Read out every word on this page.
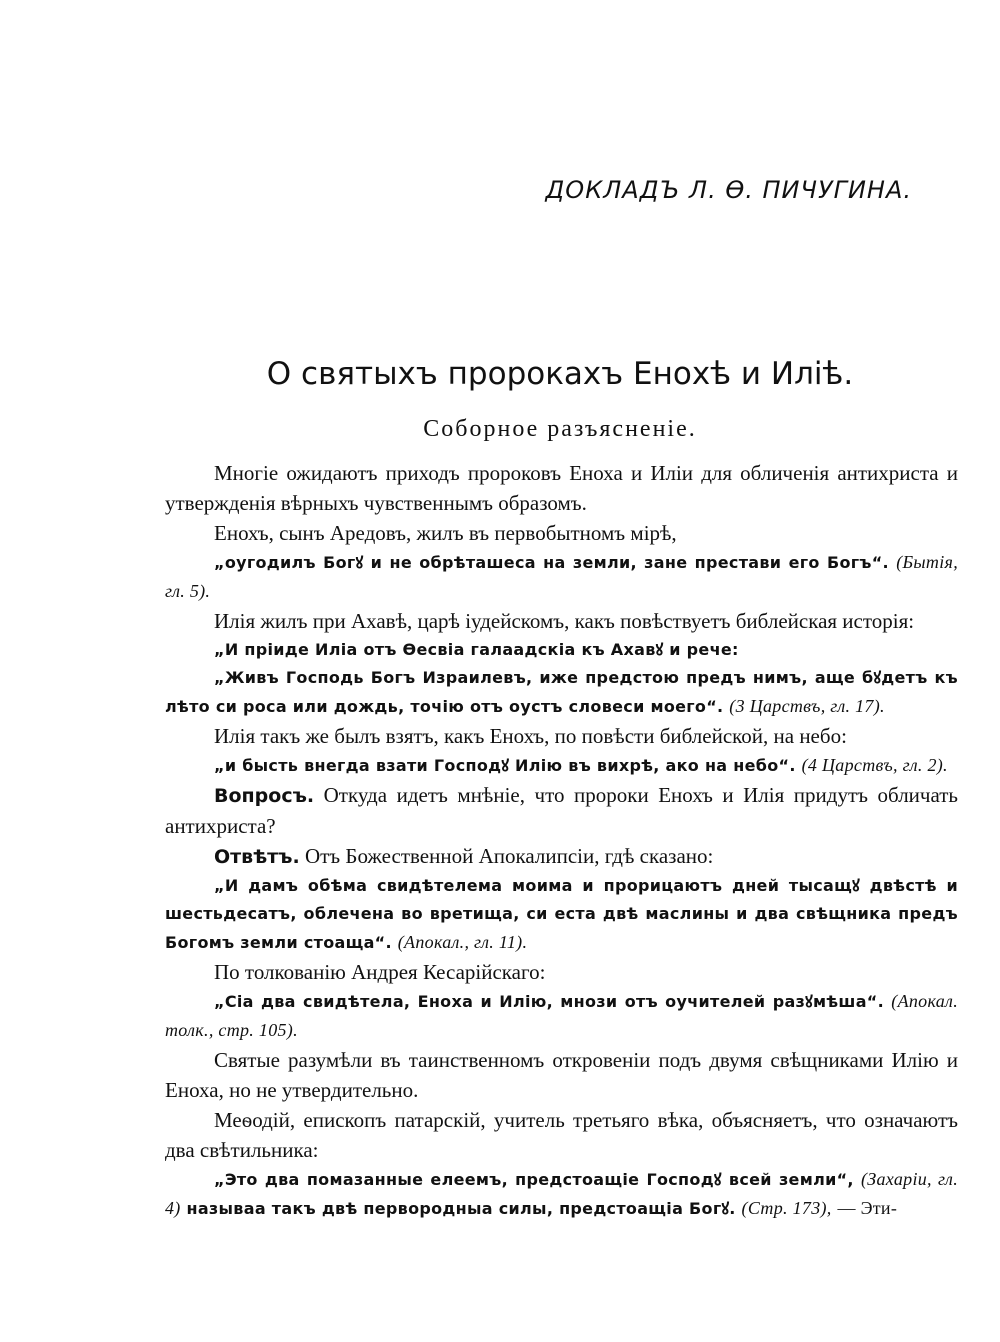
ДОКЛАДЪ Л. Ѳ. ПИЧУГИНА.
О святыхъ пророкахъ Енохѣ и Илiѣ.
Соборное разъясненiе.

Многiе ожидаютъ приходъ пророковъ Еноха и Илiи для обличенiя антихриста и утвержденiя вѣрныхъ чувственнымъ образомъ.

Енохъ, сынъ Аредовъ, жилъ въ первобытномъ мiрѣ,

„оугодилъ Богꙋ и не обрѣташеса на земли, зане престави его Богъ“. (Бытiя, гл. 5).

Илiя жилъ при Ахавѣ, царѣ iудейскомъ, какъ повѣствуетъ библейская исторiя:

„И прiиде Илiа отъ Ѳесвiа галаадскiа къ Ахавꙋ и рече:

„Живъ Господь Богъ Израилевъ, иже предстою предъ нимъ, аще бꙋдетъ къ лѣто си роса или дождь, точiю отъ оустъ словеси моего“. (3 Царствъ, гл. 17).

Илiя такъ же былъ взятъ, какъ Енохъ, по повѣсти библейской, на небо:

„и бысть внегда взати Господꙋ Илiю въ вихрѣ, ако на небо“. (4 Царствъ, гл. 2).

Вопросъ. Откуда идетъ мнѣнiе, что пророки Енохъ и Илiя придутъ обличать антихриста?

Отвѣтъ. Отъ Божественной Апокалипсiи, гдѣ сказано:

„И дамъ обѣма свидѣтелема моима и прорицаютъ дней тысащꙋ двѣстѣ и шестьдесатъ, облечена во вретища, си еста двѣ маслины и два свѣщника предъ Богомъ земли стоаща“. (Апокал., гл. 11).

По толкованiю Андрея Кесарiйскаго:

„Сiа два свидѣтела, Еноха и Илiю, мнози отъ оучителей разꙋмѣша“. (Апокал. толк., стр. 105).

Святые разумѣли въ таинственномъ откровенiи подъ двумя свѣщниками Илiю и Еноха, но не утвердительно.

Меѳодiй, епископъ патарскiй, учитель третьяго вѣка, объясняетъ, что означаютъ два свѣтильника:

„Это два помазанные елеемъ, предстоащiе Господꙋ всей земли“, (Захарiи, гл. 4) называа такъ двѣ первородныа силы, предстоащiа Богꙋ. (Стр. 173), — Эти-
